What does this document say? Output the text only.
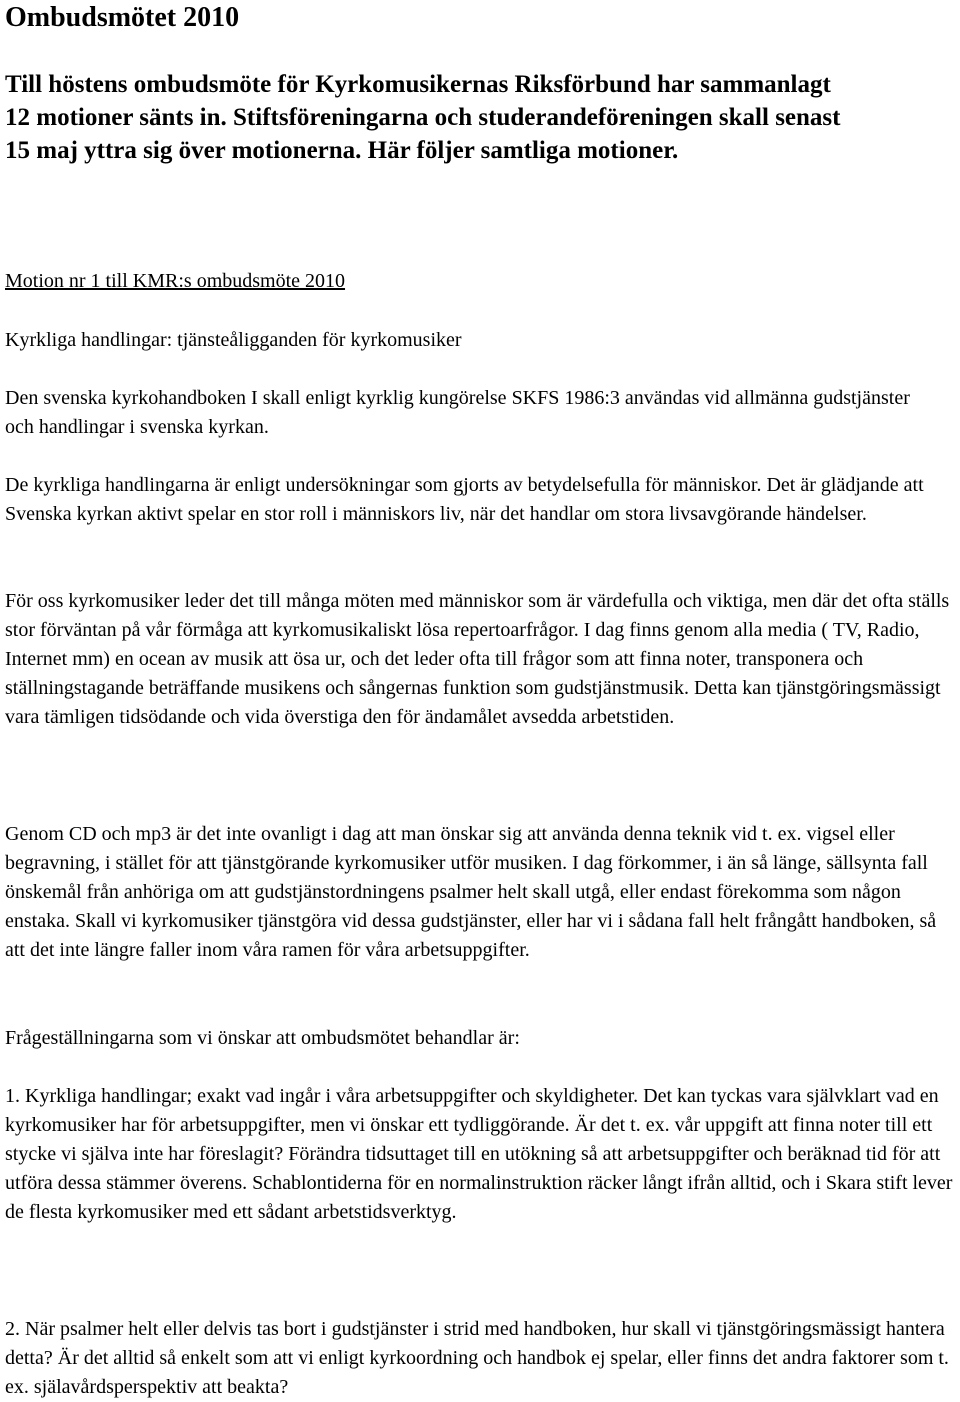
Ombudsmötet 2010

Till höstens ombudsmöte för Kyrkomusikernas Riksförbund har sammanlagt 12 motioner sänts in. Stiftsföreningarna och studerandeföreningen skall senast 15 maj yttra sig över motionerna. Här följer samtliga motioner.

Motion nr 1 till KMR:s ombudsmöte 2010

Kyrkliga handlingar: tjänsteåligganden för kyrkomusiker

Den svenska kyrkohandboken I skall enligt kyrklig kungörelse SKFS 1986:3 användas vid allmänna gudstjänster och handlingar i svenska kyrkan.

De kyrkliga handlingarna är enligt undersökningar som gjorts av betydelsefulla för människor. Det är glädjande att Svenska kyrkan aktivt spelar en stor roll i människors liv, när det handlar om stora livsavgörande händelser.

För oss kyrkomusiker leder det till många möten med människor som är värdefulla och viktiga, men där det ofta ställs stor förväntan på vår förmåga att kyrkomusikaliskt lösa repertoarfrågor. I dag finns genom alla media ( TV, Radio, Internet mm) en ocean av musik att ösa ur, och det leder ofta till frågor som att finna noter, transponera och ställningstagande beträffande musikens och sångernas funktion som gudstjänstmusik. Detta kan tjänstgöringsmässigt vara tämligen tidsödande och vida överstiga den för ändamålet avsedda arbetstiden.

Genom CD och mp3 är det inte ovanligt i dag att man önskar sig att använda denna teknik vid t. ex. vigsel eller begravning, i stället för att tjänstgörande kyrkomusiker utför musiken. I dag förkommer, i än så länge, sällsynta fall önskemål från anhöriga om att gudstjänstordningens psalmer helt skall utgå, eller endast förekomma som någon enstaka. Skall vi kyrkomusiker tjänstgöra vid dessa gudstjänster, eller har vi i sådana fall helt frångått handboken, så att det inte längre faller inom våra ramen för våra arbetsuppgifter.

Frågeställningarna som vi önskar att ombudsmötet behandlar är:

1. Kyrkliga handlingar; exakt vad ingår i våra arbetsuppgifter och skyldigheter. Det kan tyckas vara självklart vad en kyrkomusiker har för arbetsuppgifter, men vi önskar ett tydliggörande. Är det t. ex. vår uppgift att finna noter till ett stycke vi själva inte har föreslagit? Förändra tidsuttaget till en utökning så att arbetsuppgifter och beräknad tid för att utföra dessa stämmer överens. Schablontiderna för en normalinstruktion räcker långt ifrån alltid, och i Skara stift lever de flesta kyrkomusiker med ett sådant arbetstidsverktyg.

2. När psalmer helt eller delvis tas bort i gudstjänster i strid med handboken, hur skall vi tjänstgöringsmässigt hantera detta? Är det alltid så enkelt som att vi enligt kyrkoordning och handbok ej spelar, eller finns det andra faktorer som t. ex. själavårdsperspektiv att beakta?
